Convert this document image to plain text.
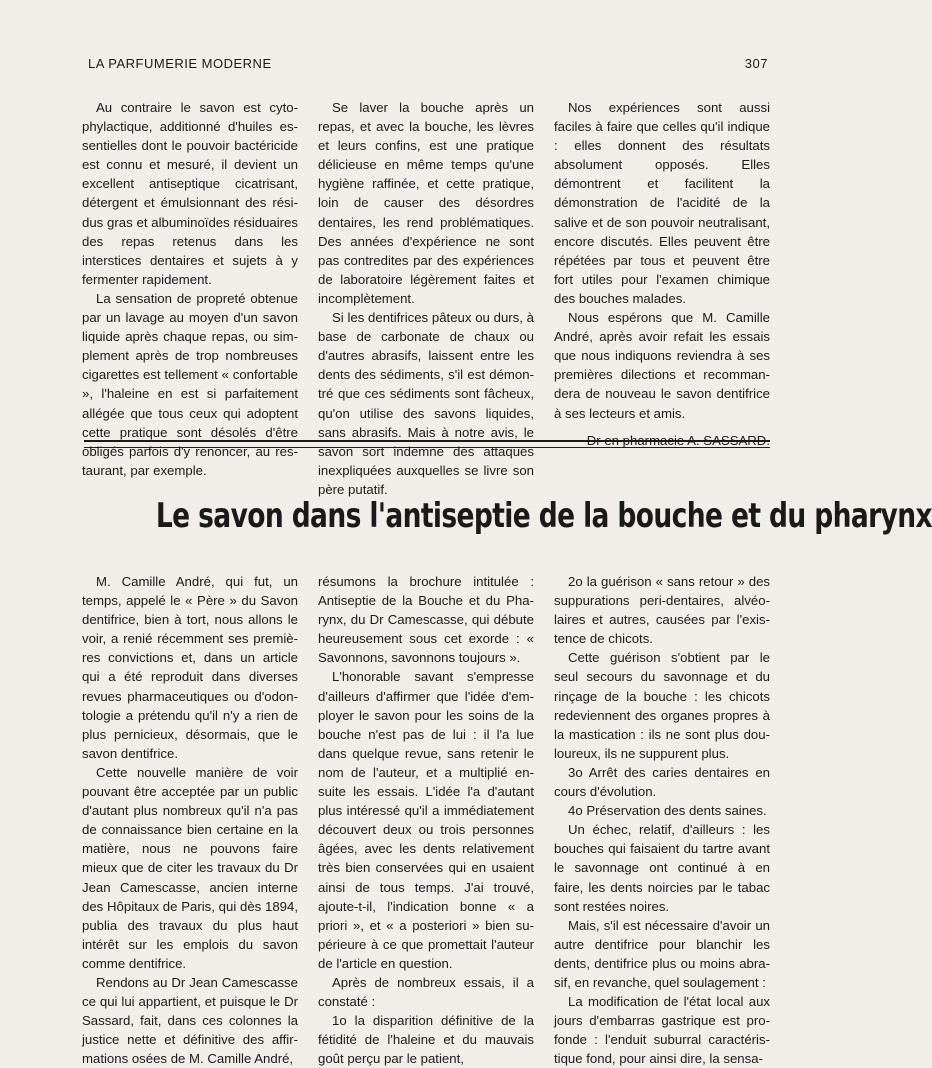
LA PARFUMERIE MODERNE	307

Au contraire le savon est cytophylactique, additionné d'huiles essentielles dont le pouvoir bactéricide est connu et mesuré, il devient un excellent antiseptique cicatrisant, détergent et émulsionnant des résidus gras et albuminoïdes résiduaires des repas retenus dans les interstices dentaires et sujets à y fermenter rapidement.

La sensation de propreté obtenue par un lavage au moyen d'un savon liquide après chaque repas, ou simplement après de trop nombreuses cigarettes est tellement « confortable », l'haleine en est si parfaitement allégée que tous ceux qui adoptent cette pratique sont désolés d'être obligés parfois d'y renoncer, au restaurant, par exemple.

Se laver la bouche après un repas, et avec la bouche, les lèvres et leurs confins, est une pratique délicieuse en même temps qu'une hygiène raffinée, et cette pratique, loin de causer des désordres dentaires, les rend problématiques. Des années d'expérience ne sont pas contredites par des expériences de laboratoire légèrement faites et incomplètement.

Si les dentifrices pâteux ou durs, à base de carbonate de chaux ou d'autres abrasifs, laissent entre les dents des sédiments, s'il est démontré que ces sédiments sont fâcheux, qu'on utilise des savons liquides, sans abrasifs. Mais à notre avis, le savon sort indemne des attaques inexpliquées auxquelles se livre son père putatif.

Nos expériences sont aussi faciles à faire que celles qu'il indique : elles donnent des résultats absolument opposés. Elles démontrent et facilitent la démonstration de l'acidité de la salive et de son pouvoir neutralisant, encore discutés. Elles peuvent être répétées par tous et peuvent être fort utiles pour l'examen chimique des bouches malades.

Nous espérons que M. Camille André, après avoir refait les essais que nous indiquons reviendra à ses premières dilections et recommandera de nouveau le savon dentifrice à ses lecteurs et amis.

Dr en pharmacie A. SASSARD.

Le savon dans l'antiseptie de la bouche et du pharynx

M. Camille André, qui fut, un temps, appelé le « Père » du Savon dentifrice, bien à tort, nous allons le voir, a renié récemment ses premières convictions et, dans un article qui a été reproduit dans diverses revues pharmaceutiques ou d'odontologie a prétendu qu'il n'y a rien de plus pernicieux, désormais, que le savon dentifrice.

Cette nouvelle manière de voir pouvant être acceptée par un public d'autant plus nombreux qu'il n'a pas de connaissance bien certaine en la matière, nous ne pouvons faire mieux que de citer les travaux du Dr Jean Camescasse, ancien interne des Hôpitaux de Paris, qui dès 1894, publia des travaux du plus haut intérêt sur les emplois du savon comme dentifrice.

Rendons au Dr Jean Camescasse ce qui lui appartient, et puisque le Dr Sassard, fait, dans ces colonnes la justice nette et définitive des affirmations osées de M. Camille André,

résumons la brochure intitulée : Antiseptie de la Bouche et du Pharynx, du Dr Camescasse, qui débute heureusement sous cet exorde : « Savonnons, savonnons toujours ».

L'honorable savant s'empresse d'ailleurs d'affirmer que l'idée d'employer le savon pour les soins de la bouche n'est pas de lui : il l'a lue dans quelque revue, sans retenir le nom de l'auteur, et a multiplié ensuite les essais. L'idée l'a d'autant plus intéressé qu'il a immédiatement découvert deux ou trois personnes âgées, avec les dents relativement très bien conservées qui en usaient ainsi de tous temps. J'ai trouvé, ajoute-t-il, l'indication bonne « a priori », et « a posteriori » bien supérieure à ce que promettait l'auteur de l'article en question.

Après de nombreux essais, il a constaté :

1o la disparition définitive de la fétidité de l'haleine et du mauvais goût perçu par le patient,

2o la guérison « sans retour » des suppurations peri-dentaires, alvéolaires et autres, causées par l'existence de chicots.

Cette guérison s'obtient par le seul secours du savonnage et du rinçage de la bouche : les chicots redeviennent des organes propres à la mastication : ils ne sont plus douloureux, ils ne suppurent plus.

3o Arrêt des caries dentaires en cours d'évolution.

4o Préservation des dents saines.

Un échec, relatif, d'ailleurs : les bouches qui faisaient du tartre avant le savonnage ont continué à en faire, les dents noircies par le tabac sont restées noires.

Mais, s'il est nécessaire d'avoir un autre dentifrice pour blanchir les dents, dentifrice plus ou moins abrasif, en revanche, quel soulagement :

La modification de l'état local aux jours d'embarras gastrique est profonde : l'enduit suburral caractéristique fond, pour ainsi dire, la sensa-
